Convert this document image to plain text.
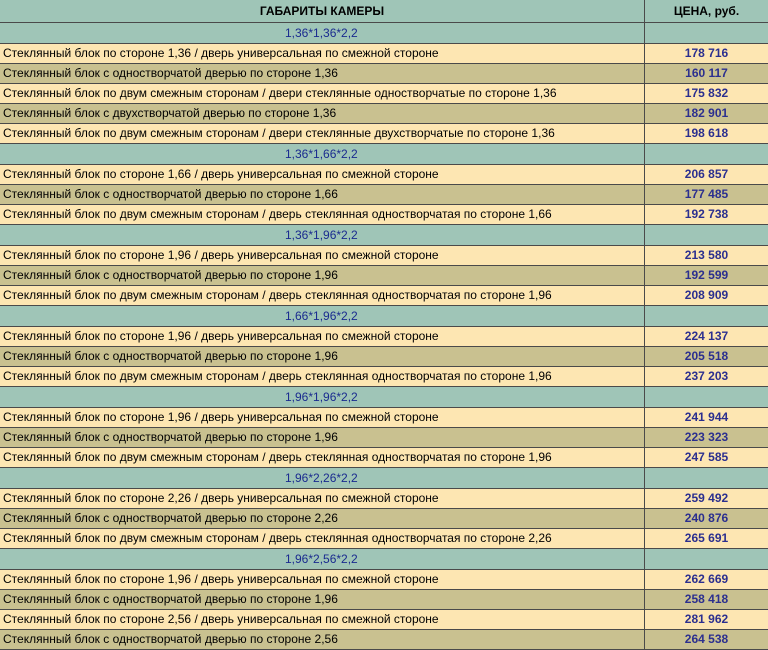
ГАБАРИТЫ КАМЕРЫ	ЦЕНА, руб.
1,36*1,36*2,2
Стеклянный блок по стороне 1,36 / дверь универсальная по смежной стороне	178 716
Стеклянный блок с одностворчатой дверью по стороне 1,36	160 117
Стеклянный блок по двум смежным сторонам / двери стеклянные одностворчатые по стороне 1,36	175 832
Стеклянный блок с двухстворчатой дверью по стороне 1,36	182 901
Стеклянный блок по двум смежным сторонам / двери стеклянные двухстворчатые по стороне 1,36	198 618
1,36*1,66*2,2
Стеклянный блок по стороне 1,66 / дверь универсальная по смежной стороне	206 857
Стеклянный блок с одностворчатой дверью по стороне 1,66	177 485
Стеклянный блок по двум смежным сторонам / дверь стеклянная одностворчатая по стороне 1,66	192 738
1,36*1,96*2,2
Стеклянный блок по стороне 1,96 / дверь универсальная по смежной стороне	213 580
Стеклянный блок с одностворчатой дверью по стороне 1,96	192 599
Стеклянный блок по двум смежным сторонам / дверь стеклянная одностворчатая по стороне 1,96	208 909
1,66*1,96*2,2
Стеклянный блок по стороне 1,96 / дверь универсальная по смежной стороне	224 137
Стеклянный блок с одностворчатой дверью по стороне 1,96	205 518
Стеклянный блок по двум смежным сторонам / дверь стеклянная одностворчатая по стороне 1,96	237 203
1,96*1,96*2,2
Стеклянный блок по стороне 1,96 / дверь универсальная по смежной стороне	241 944
Стеклянный блок с одностворчатой дверью по стороне 1,96	223 323
Стеклянный блок по двум смежным сторонам / дверь стеклянная одностворчатая по стороне 1,96	247 585
1,96*2,26*2,2
Стеклянный блок по стороне 2,26 / дверь универсальная по смежной стороне	259 492
Стеклянный блок с одностворчатой дверью по стороне 2,26	240 876
Стеклянный блок по двум смежным сторонам / дверь стеклянная одностворчатая по стороне 2,26	265 691
1,96*2,56*2,2
Стеклянный блок по стороне 1,96 / дверь универсальная по смежной стороне	262 669
Стеклянный блок с одностворчатой дверью по стороне 1,96	258 418
Стеклянный блок по стороне 2,56 / дверь универсальная по смежной стороне	281 962
Стеклянный блок с одностворчатой дверью по стороне 2,56	264 538
